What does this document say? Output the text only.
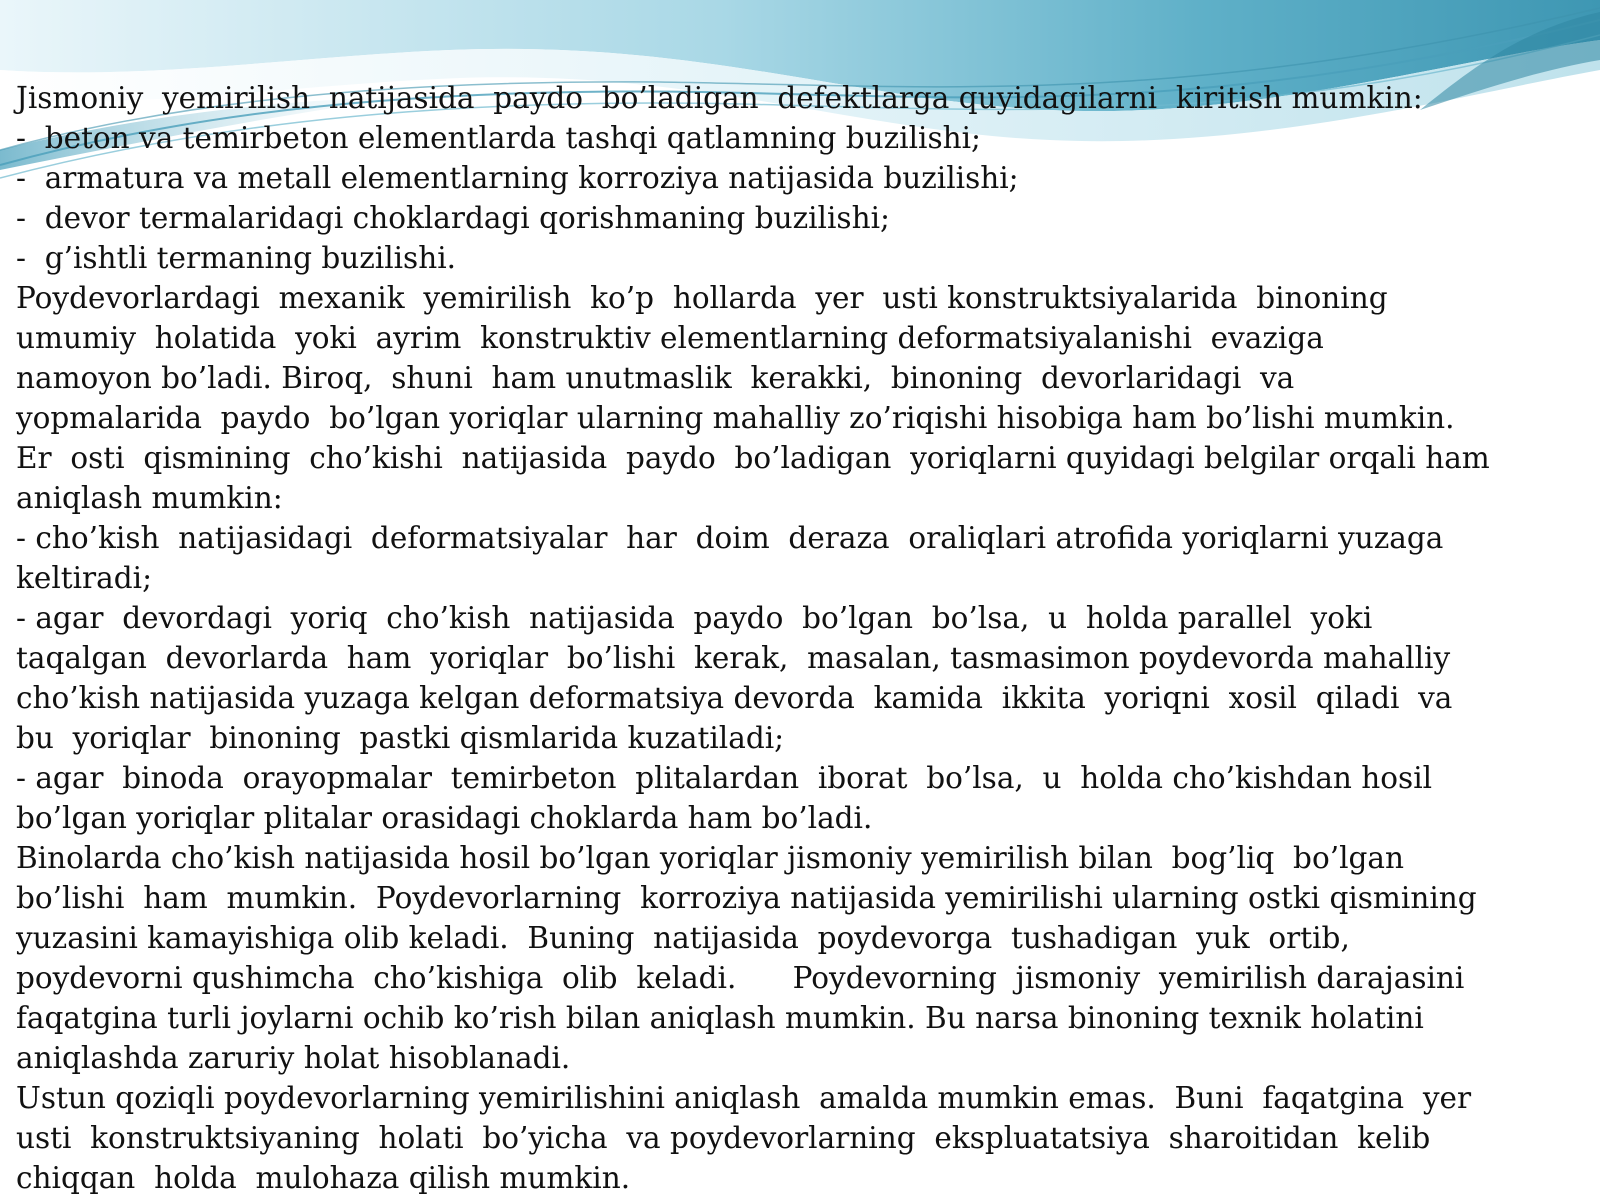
Jismoniy  yemirilish  natijasida  paydo  bo’ladigan  defektlarga quyidagilarni  kiritish mumkin:

-  beton va temirbeton elementlarda tashqi qatlamning buzilishi;

-  armatura va metall elementlarning korroziya natijasida buzilishi;

-  devor termalaridagi choklardagi qorishmaning buzilishi;

-  g’ishtli termaning buzilishi.

Poydevorlardagi  mexanik  yemirilish  ko’p  hollarda  yer  usti konstruktsiyalarida  binoning

umumiy  holatida  yoki  ayrim  konstruktiv elementlarning deformatsiyalanishi  evaziga

namoyon bo’ladi. Biroq,  shuni  ham unutmaslik  kerakki,  binoning  devorlaridagi  va

yopmalarida  paydo  bo’lgan yoriqlar ularning mahalliy zo’riqishi hisobiga ham bo’lishi mumkin.

Er  osti  qismining  cho’kishi  natijasida  paydo  bo’ladigan  yoriqlarni quyidagi belgilar orqali ham

aniqlash mumkin:

- cho’kish  natijasidagi  deformatsiyalar  har  doim  deraza  oraliqlari atrofida yoriqlarni yuzaga

keltiradi;

- agar  devordagi  yoriq  cho’kish  natijasida  paydo  bo’lgan  bo’lsa,  u  holda parallel  yoki

taqalgan  devorlarda  ham  yoriqlar  bo’lishi  kerak,  masalan, tasmasimon poydevorda mahalliy

cho’kish natijasida yuzaga kelgan deformatsiya devorda  kamida  ikkita  yoriqni  xosil  qiladi  va

bu  yoriqlar  binoning  pastki qismlarida kuzatiladi;

- agar  binoda  orayopmalar  temirbeton  plitalardan  iborat  bo’lsa,  u  holda cho’kishdan hosil

bo’lgan yoriqlar plitalar orasidagi choklarda ham bo’ladi.

Binolarda cho’kish natijasida hosil bo’lgan yoriqlar jismoniy yemirilish bilan  bog’liq  bo’lgan

bo’lishi  ham  mumkin.  Poydevorlarning  korroziya natijasida yemirilishi ularning ostki qismining

yuzasini kamayishiga olib keladi.  Buning  natijasida  poydevorga  tushadigan  yuk  ortib,

poydevorni qushimcha  cho’kishiga  olib  keladi.      Poydevorning  jismoniy  yemirilish darajasini

faqatgina turli joylarni ochib ko’rish bilan aniqlash mumkin. Bu narsa binoning texnik holatini

aniqlashda zaruriy holat hisoblanadi.

Ustun qoziqli poydevorlarning yemirilishini aniqlash  amalda mumkin emas.  Buni  faqatgina  yer

usti  konstruktsiyaning  holati  bo’yicha  va poydevorlarning  ekspluatatsiya  sharoitidan  kelib

chiqqan  holda  mulohaza qilish mumkin.
